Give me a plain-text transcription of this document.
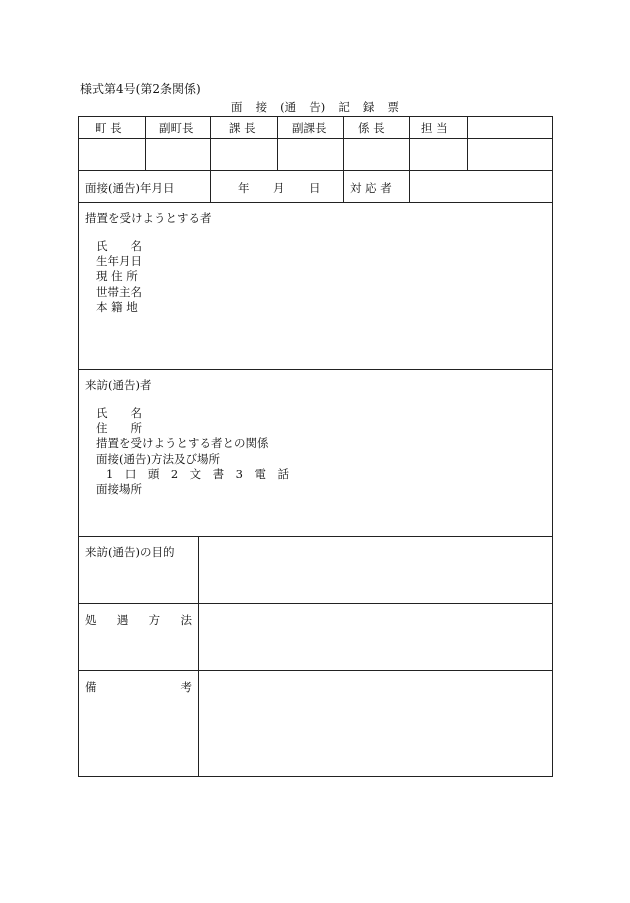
様式第4号(第2条関係)
面 接 (通 告) 記 録 票
町 長	副町長	課 長	副課長	係 長	担 当
面接(通告)年月日	年 月 日	対 応 者
措置を受けようとする者
氏　　名
生年月日
現 住 所
世帯主名
本 籍 地
来訪(通告)者
氏　　名
住　　所
措置を受けようとする者との関係
面接(通告)方法及び場所
1　口　頭　2　文　書　3　電　話
面接場所
来訪(通告)の目的
処 遇 方 法
備	考
